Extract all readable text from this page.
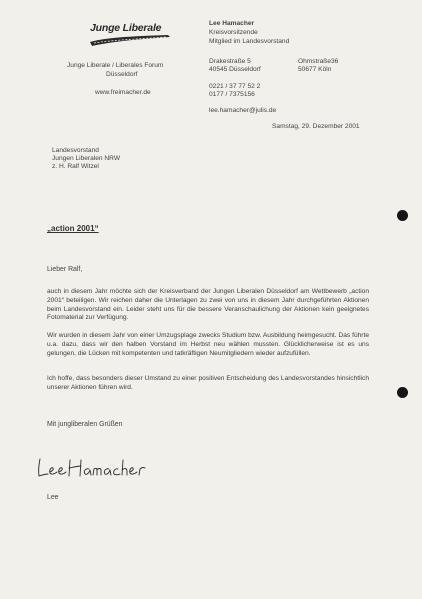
Junge Liberale
Junge Liberale / Liberales Forum
Düsseldorf
www.freimacher.de
Lee Hamacher
Kreisvorsitzende
Mitglied im Landesvorstand
Drakestraße 5
40545 Düsseldorf
Ohmstraße36
50677 Köln
0221 / 37 77 52 2
0177 / 7375156
lee.hamacher@julis.de
Samstag, 29. Dezember 2001
Landesvorstand
Jungen Liberalen NRW
z. H. Ralf Witzel
„action 2001“
Lieber Ralf,
auch in diesem Jahr möchte sich der Kreisverband der Jungen Liberalen Düsseldorf am Wettbewerb „action 2001“ beteiligen. Wir reichen daher die Unterlagen zu zwei von uns in diesem Jahr durchgeführten Aktionen beim Landesvorstand ein. Leider steht uns für die bessere Veranschaulichung der Aktionen kein geeignetes Fotomaterial zur Verfügung.
Wir wurden in diesem Jahr von einer Umzugsplage zwecks Studium bzw. Ausbildung heimgesucht. Das führte u.a. dazu, dass wir den halben Vorstand im Herbst neu wählen mussten. Glücklicherweise ist es uns gelungen, die Lücken mit kompetenten und tatkräftigen Neumitgliedern wieder aufzufüllen.
Ich hoffe, dass besonders dieser Umstand zu einer positiven Entscheidung des Landesvorstandes hinsichtlich unserer Aktionen führen wird.
Mit jungliberalen Grüßen
Lee
